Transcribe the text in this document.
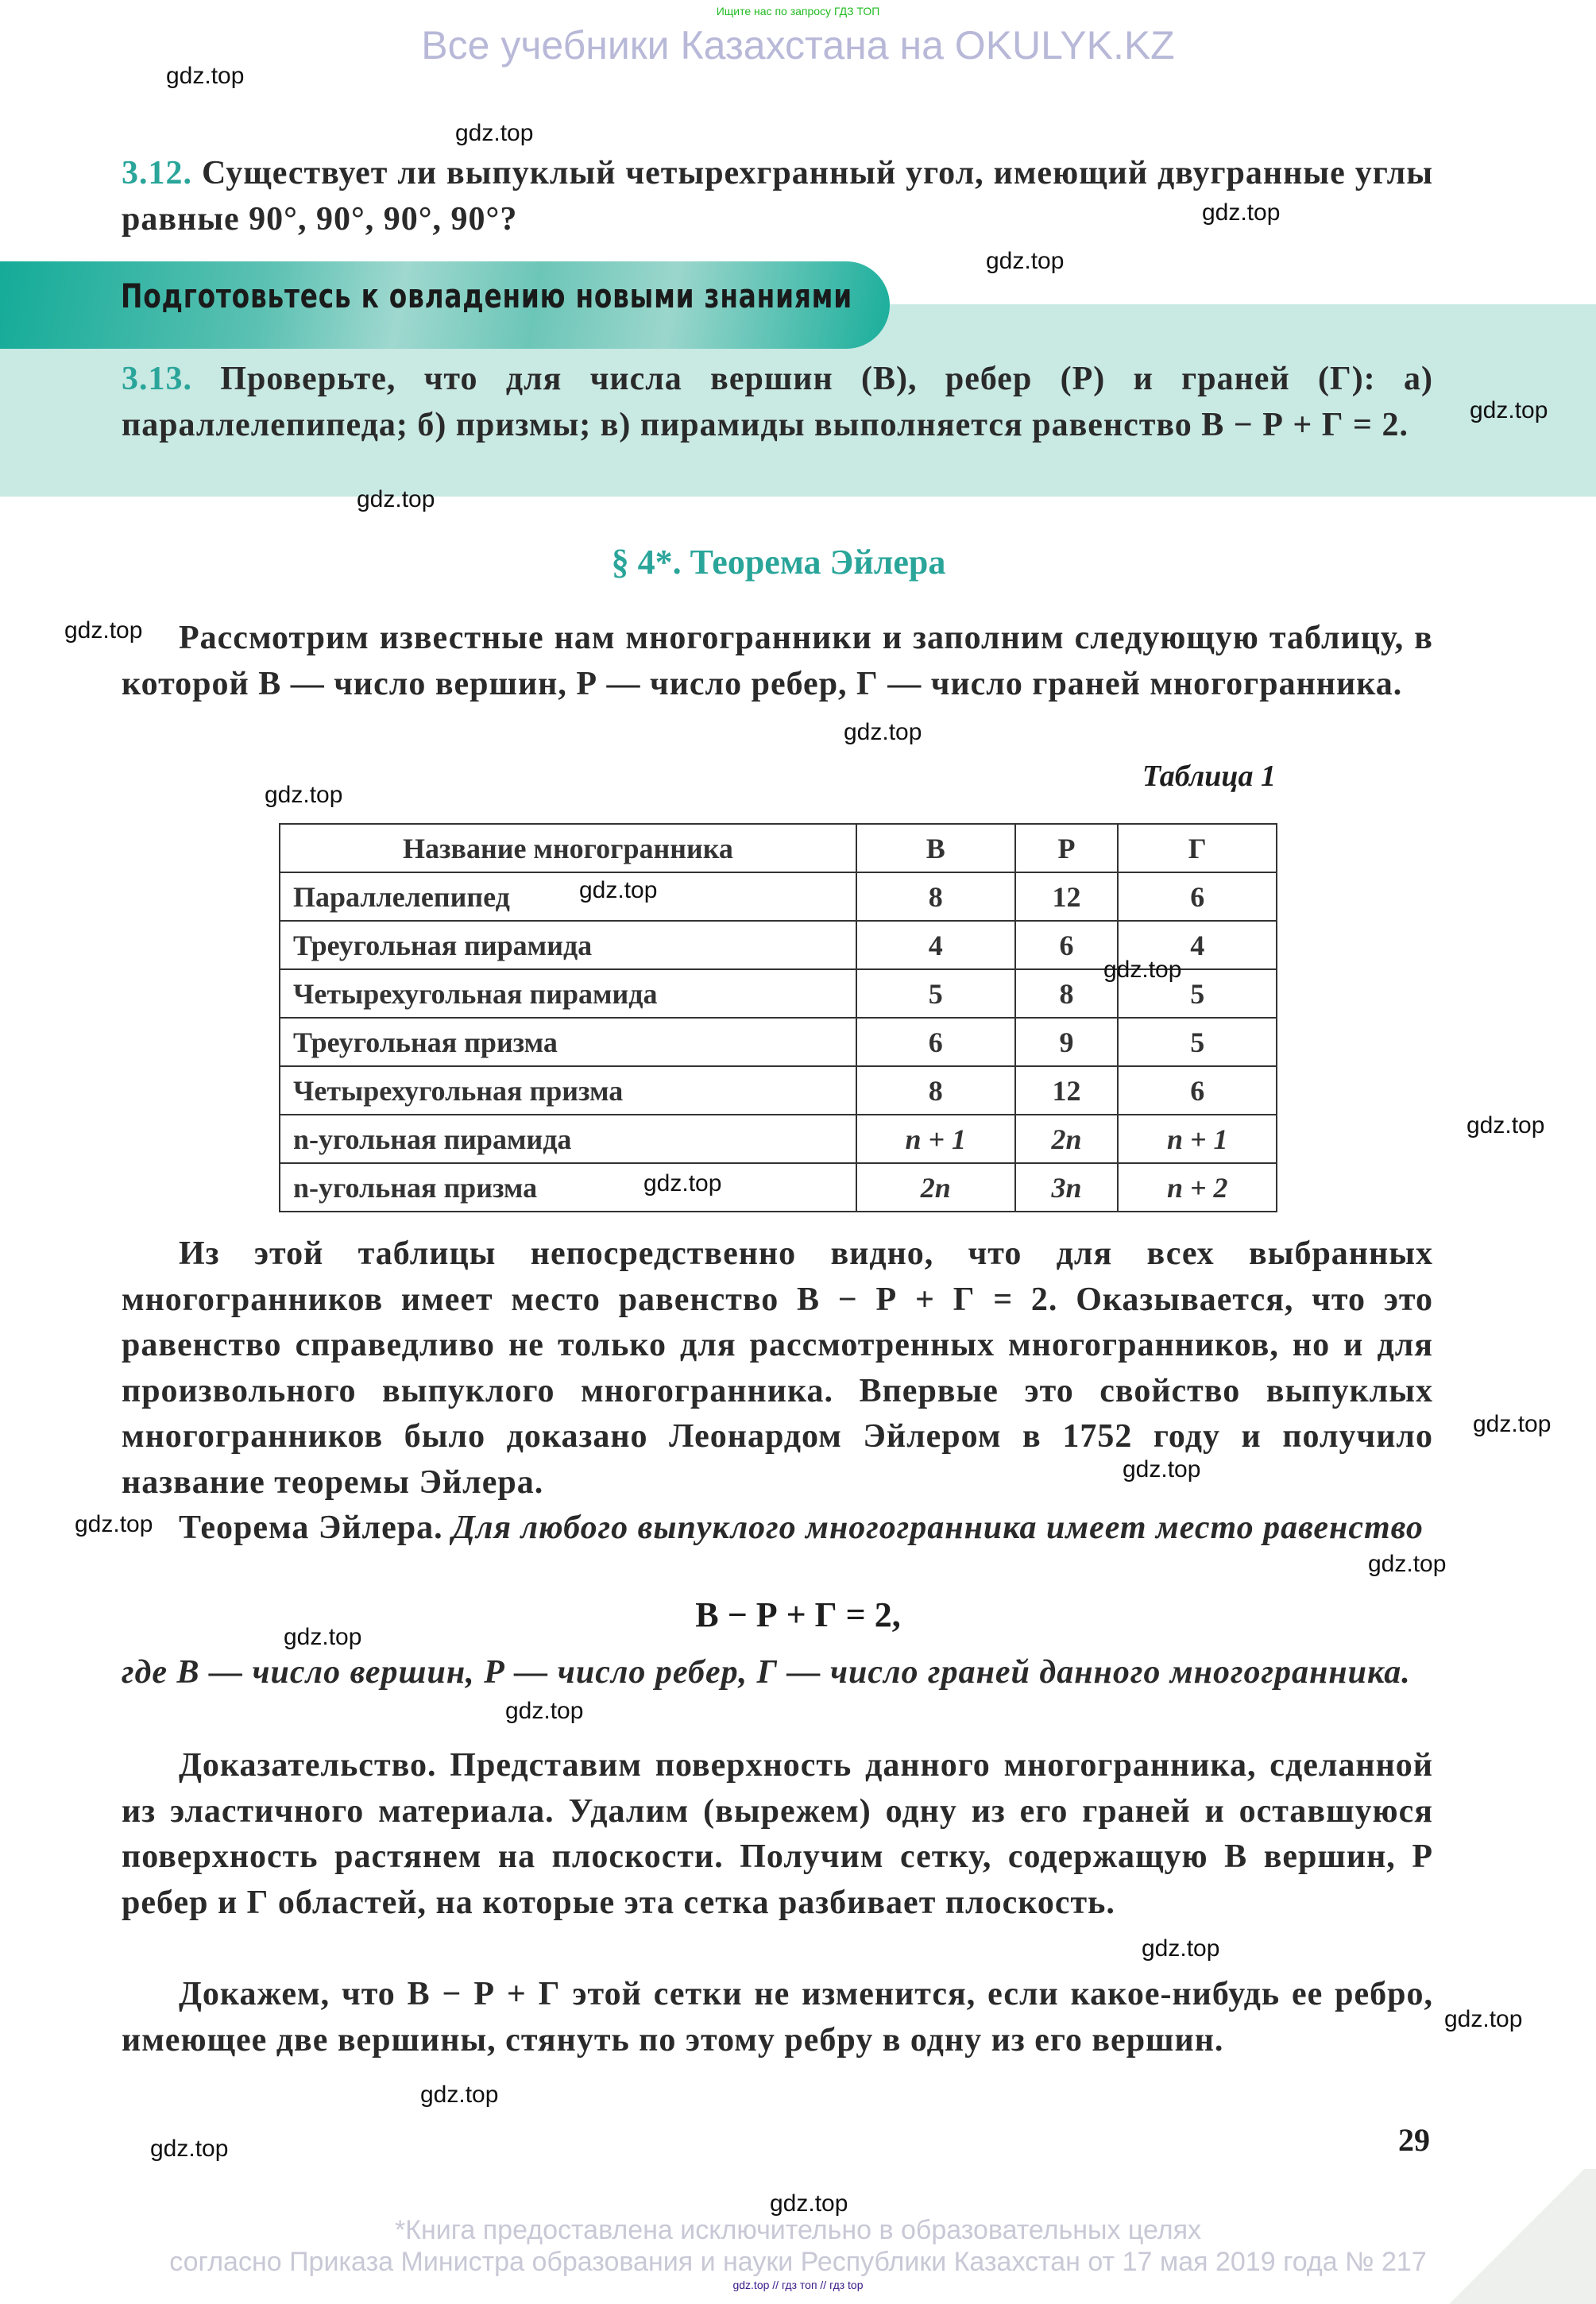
Ищите нас по запросу ГДЗ ТОП
Все учебники Казахстана на OKULYK.KZ
3.12. Существует ли выпуклый четырехгранный угол, имеющий двугранные углы равные 90°, 90°, 90°, 90°?
Подготовьтесь к овладению новыми знаниями
3.13. Проверьте, что для числа вершин (В), ребер (Р) и граней (Г): а) параллелепипеда; б) призмы; в) пирамиды выполняется равенство В − Р + Г = 2.
§ 4*. Теорема Эйлера
Рассмотрим известные нам многогранники и заполним следующую таблицу, в которой В — число вершин, Р — число ребер, Г — число граней многогранника.
Таблица 1
Название многогранника	В	Р	Г
Параллелепипед	8	12	6
Треугольная пирамида	4	6	4
Четырехугольная пирамида	5	8	5
Треугольная призма	6	9	5
Четырехугольная призма	8	12	6
n-угольная пирамида	n + 1	2n	n + 1
n-угольная призма	2n	3n	n + 2
Из этой таблицы непосредственно видно, что для всех выбранных многогранников имеет место равенство В − Р + Г = 2. Оказывается, что это равенство справедливо не только для рассмотренных многогранников, но и для произвольного выпуклого многогранника. Впервые это свойство выпуклых многогранников было доказано Леонардом Эйлером в 1752 году и получило название теоремы Эйлера.
Теорема Эйлера. Для любого выпуклого многогранника имеет место равенство
В − Р + Г = 2,
где В — число вершин, Р — число ребер, Г — число граней данного многогранника.
Доказательство. Представим поверхность данного многогранника, сделанной из эластичного материала. Удалим (вырежем) одну из его граней и оставшуюся поверхность растянем на плоскости. Получим сетку, содержащую В вершин, Р ребер и Г областей, на которые эта сетка разбивает плоскость.
Докажем, что В − Р + Г этой сетки не изменится, если какое-нибудь ее ребро, имеющее две вершины, стянуть по этому ребру в одну из его вершин.
29
*Книга предоставлена исключительно в образовательных целях
согласно Приказа Министра образования и науки Республики Казахстан от 17 мая 2019 года № 217
gdz.top // гдз топ // гдз top
gdz.top
gdz.top
gdz.top
gdz.top
gdz.top
gdz.top
gdz.top
gdz.top
gdz.top
gdz.top
gdz.top
gdz.top
gdz.top
gdz.top
gdz.top
gdz.top
gdz.top
gdz.top
gdz.top
gdz.top
gdz.top
gdz.top
gdz.top
gdz.top
